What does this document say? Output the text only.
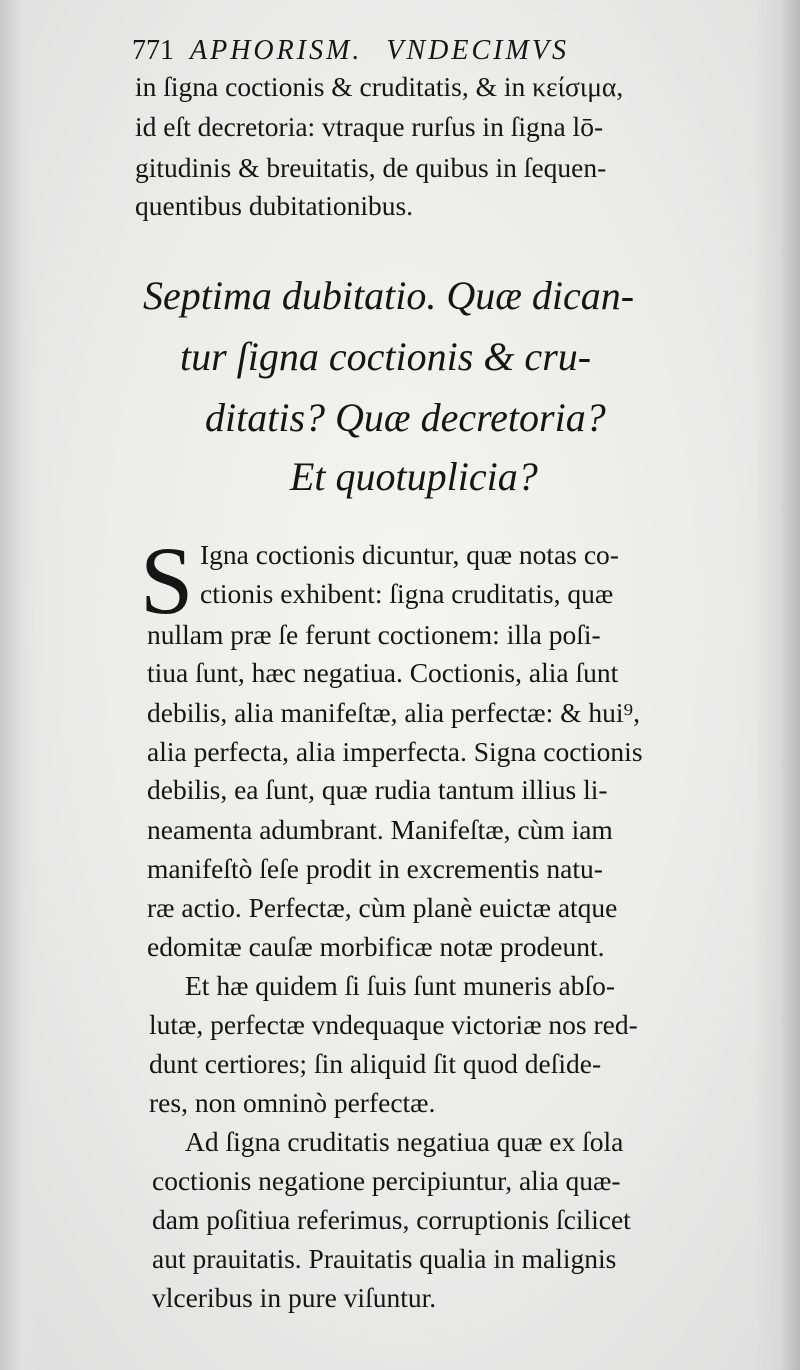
771 APHORISM. VNDECIMVS
in ſigna coctionis & cruditatis, & in κείσιμα,
id eſt decretoria: vtraque rurſus in ſigna lō-
gitudinis & breuitatis, de quibus in ſequen-
quentibus dubitationibus.
Septima dubitatio. Quæ dican-
tur ſigna coctionis & cru-
ditatis? Quæ decretoria?
Et quotuplicia?
S Igna coctionis dicuntur, quæ notas co-
ctionis exhibent: ſigna cruditatis, quæ
nullam præ ſe ferunt coctionem: illa poſi-
tiua ſunt, hæc negatiua. Coctionis, alia ſunt
debilis, alia manifeſtæ, alia perfectæ: & hui⁹,
alia perfecta, alia imperfecta. Signa coctionis
debilis, ea ſunt, quæ rudia tantum illius li-
neamenta adumbrant. Manifeſtæ, cùm iam
manifeſtò ſeſe prodit in excrementis natu-
ræ actio. Perfectæ, cùm planè euictæ atque
edomitæ cauſæ morbificæ notæ prodeunt.
Et hæ quidem ſi ſuis ſunt muneris abſo-
lutæ, perfectæ vndequaque victoriæ nos red-
dunt certiores; ſin aliquid ſit quod deſide-
res, non omninò perfectæ.
Ad ſigna cruditatis negatiua quæ ex ſola
coctionis negatione percipiuntur, alia quæ-
dam poſitiua referimus, corruptionis ſcilicet
aut prauitatis. Prauitatis qualia in malignis
vlceribus in pure viſuntur.
